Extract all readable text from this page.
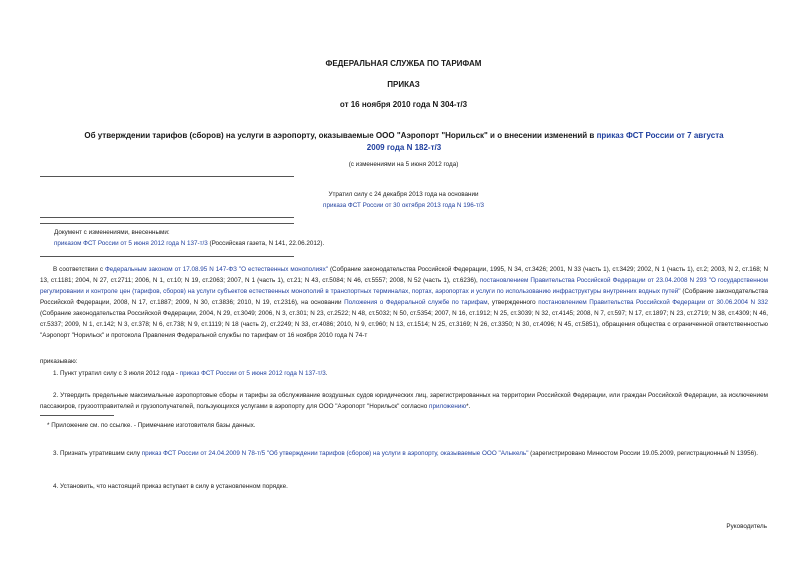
ФЕДЕРАЛЬНАЯ СЛУЖБА ПО ТАРИФАМ
ПРИКАЗ
от 16 ноября 2010 года N 304-т/3
Об утверждении тарифов (сборов) на услуги в аэропорту, оказываемые ООО "Аэропорт "Норильск" и о внесении изменений в приказ ФСТ России от 7 августа
2009 года N 182-т/3
(с изменениями на 5 июня 2012 года)
Утратил силу с 24 декабря 2013 года на основании
приказа ФСТ России от 30 октября 2013 года N 196-т/3
Документ с изменениями, внесенными:
приказом ФСТ России от 5 июня 2012 года N 137-т/3 (Российская газета, N 141, 22.06.2012).
В соответствии с Федеральным законом от 17.08.95 N 147-ФЗ "О естественных монополиях" (Собрание законодательства Российской Федерации, 1995, N 34, ст.3426; 2001, N 33 (часть 1), ст.3429; 2002, N 1 (часть 1), ст.2; 2003, N 2, ст.168; N 13, ст.1181; 2004, N 27, ст.2711; 2006, N 1, ст.10; N 19, ст.2063; 2007, N 1 (часть 1), ст.21; N 43, ст.5084; N 46, ст.5557; 2008, N 52 (часть 1), ст.6236), постановлением Правительства Российской Федерации от 23.04.2008 N 293 "О государственном регулировании и контроле цен (тарифов, сборов) на услуги субъектов естественных монополий в транспортных терминалах, портах, аэропортах и услуги по использованию инфраструктуры внутренних водных путей" (Собрание законодательства Российской Федерации, 2008, N 17, ст.1887; 2009, N 30, ст.3836; 2010, N 19, ст.2316), на основании Положения о Федеральной службе по тарифам, утвержденного постановлением Правительства Российской Федерации от 30.06.2004 N 332 (Собрание законодательства Российской Федерации, 2004, N 29, ст.3049; 2006, N 3, ст.301; N 23, ст.2522; N 48, ст.5032; N 50, ст.5354; 2007, N 16, ст.1912; N 25, ст.3039; N 32, ст.4145; 2008, N 7, ст.597; N 17, ст.1897; N 23, ст.2719; N 38, ст.4309; N 46, ст.5337; 2009, N 1, ст.142; N 3, ст.378; N 6, ст.738; N 9, ст.1119; N 18 (часть 2), ст.2249; N 33, ст.4086; 2010, N 9, ст.960; N 13, ст.1514; N 25, ст.3169; N 26, ст.3350; N 30, ст.4096; N 45, ст.5851), обращения общества с ограниченной ответственностью "Аэропорт "Норильск" и протокола Правления Федеральной службы по тарифам от 16 ноября 2010 года N 74-т
приказываю:
1. Пункт утратил силу с 3 июля 2012 года - приказ ФСТ России от 5 июня 2012 года N 137-т/3.
2. Утвердить предельные максимальные аэропортовые сборы и тарифы за обслуживание воздушных судов юридических лиц, зарегистрированных на территории Российской Федерации, или граждан Российской Федерации, за исключением пассажиров, грузоотправителей и грузополучателей, пользующихся услугами в аэропорту для ООО "Аэропорт "Норильск" согласно приложению*.
* Приложение см. по ссылке. - Примечание изготовителя базы данных.
3. Признать утратившим силу приказ ФСТ России от 24.04.2009 N 78-т/5 "Об утверждении тарифов (сборов) на услуги в аэропорту, оказываемые ООО "Алыкель" (зарегистрировано Минюстом России 19.05.2009, регистрационный N 13956).
4. Установить, что настоящий приказ вступает в силу в установленном порядке.
Руководитель
